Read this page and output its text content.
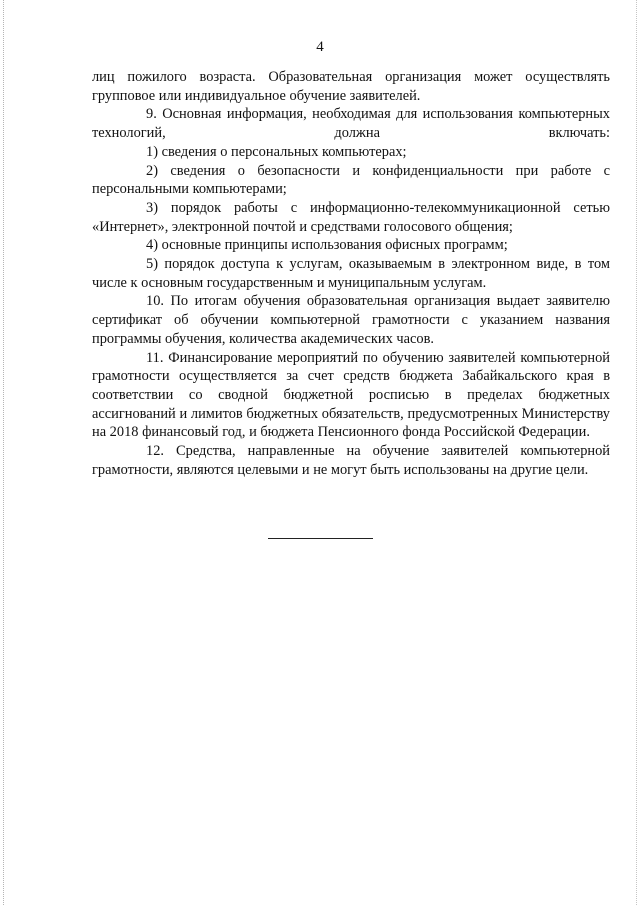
4

лиц пожилого возраста. Образовательная организация может осуществлять групповое или индивидуальное обучение заявителей.

9. Основная информация, необходимая для использования компьютерных технологий, должна включать:

1) сведения о персональных компьютерах;

2) сведения о безопасности и конфиденциальности при работе с персональными компьютерами;

3) порядок работы с информационно-телекоммуникационной сетью «Интернет», электронной почтой и средствами голосового общения;

4) основные принципы использования офисных программ;

5) порядок доступа к услугам, оказываемым в электронном виде, в том числе к основным государственным и муниципальным услугам.

10. По итогам обучения образовательная организация выдает заявителю сертификат об обучении компьютерной грамотности с указанием названия программы обучения, количества академических часов.

11. Финансирование мероприятий по обучению заявителей компьютерной грамотности осуществляется за счет средств бюджета Забайкальского края в соответствии со сводной бюджетной росписью в пределах бюджетных ассигнований и лимитов бюджетных обязательств, предусмотренных Министерству на 2018 финансовый год, и бюджета Пенсионного фонда Российской Федерации.

12. Средства, направленные на обучение заявителей компьютерной грамотности, являются целевыми и не могут быть использованы на другие цели.
